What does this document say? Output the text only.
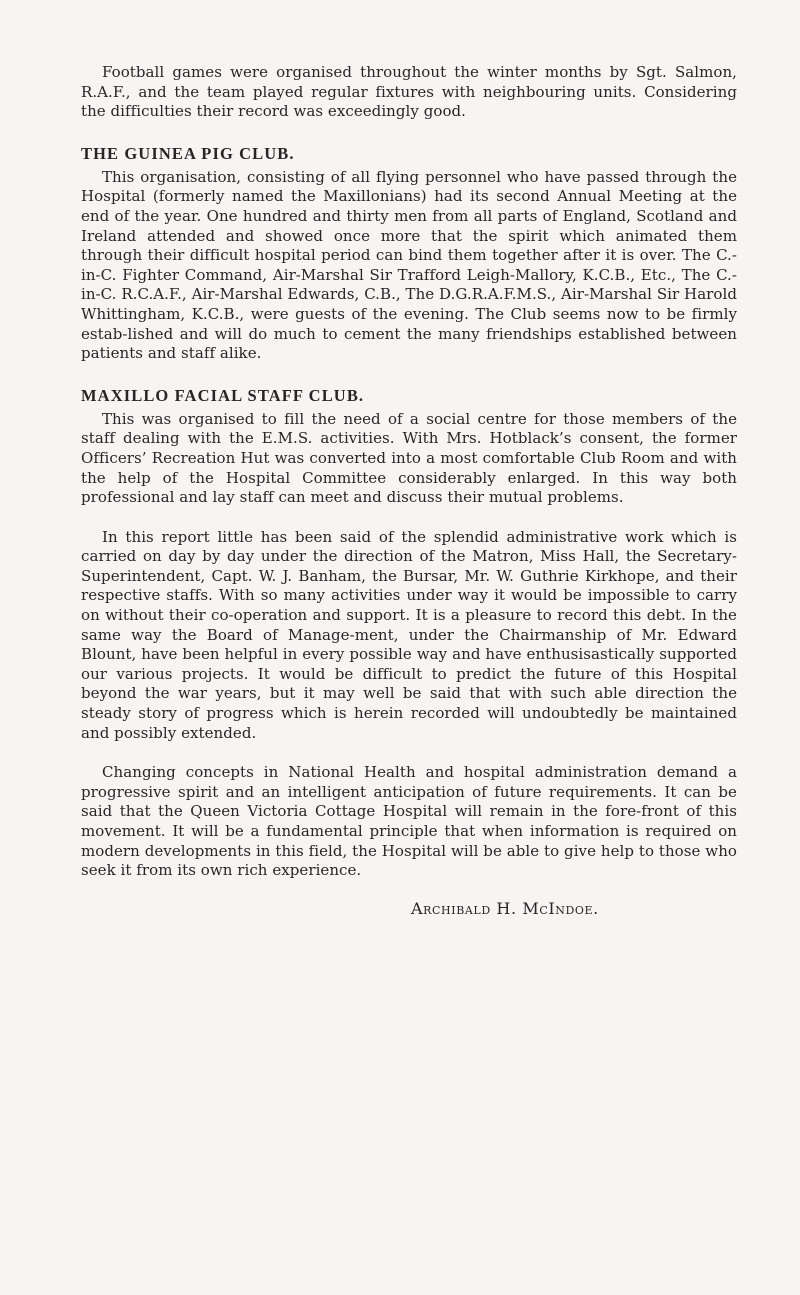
Football games were organised throughout the winter months by Sgt. Salmon, R.A.F., and the team played regular fixtures with neighbouring units. Considering the difficulties their record was exceedingly good.

THE GUINEA PIG CLUB.

This organisation, consisting of all flying personnel who have passed through the Hospital (formerly named the Maxillonians) had its second Annual Meeting at the end of the year. One hundred and thirty men from all parts of England, Scotland and Ireland attended and showed once more that the spirit which animated them through their difficult hospital period can bind them together after it is over. The C.-in-C. Fighter Command, Air-Marshal Sir Trafford Leigh-Mallory, K.C.B., Etc., The C.-in-C. R.C.A.F., Air-Marshal Edwards, C.B., The D.G.R.A.F.M.S., Air-Marshal Sir Harold Whittingham, K.C.B., were guests of the evening. The Club seems now to be firmly estab-lished and will do much to cement the many friendships established between patients and staff alike.

MAXILLO FACIAL STAFF CLUB.

This was organised to fill the need of a social centre for those members of the staff dealing with the E.M.S. activities. With Mrs. Hotblack’s consent, the former Officers’ Recreation Hut was converted into a most comfortable Club Room and with the help of the Hospital Committee considerably enlarged. In this way both professional and lay staff can meet and discuss their mutual problems.

In this report little has been said of the splendid administrative work which is carried on day by day under the direction of the Matron, Miss Hall, the Secretary-Superintendent, Capt. W. J. Banham, the Bursar, Mr. W. Guthrie Kirkhope, and their respective staffs. With so many activities under way it would be impossible to carry on without their co-operation and support. It is a pleasure to record this debt. In the same way the Board of Manage-ment, under the Chairmanship of Mr. Edward Blount, have been helpful in every possible way and have enthusisastically supported our various projects. It would be difficult to predict the future of this Hospital beyond the war years, but it may well be said that with such able direction the steady story of progress which is herein recorded will undoubtedly be maintained and possibly extended.

Changing concepts in National Health and hospital administration demand a progressive spirit and an intelligent anticipation of future requirements. It can be said that the Queen Victoria Cottage Hospital will remain in the fore-front of this movement. It will be a fundamental principle that when information is required on modern developments in this field, the Hospital will be able to give help to those who seek it from its own rich experience.

Archibald H. McIndoe.
